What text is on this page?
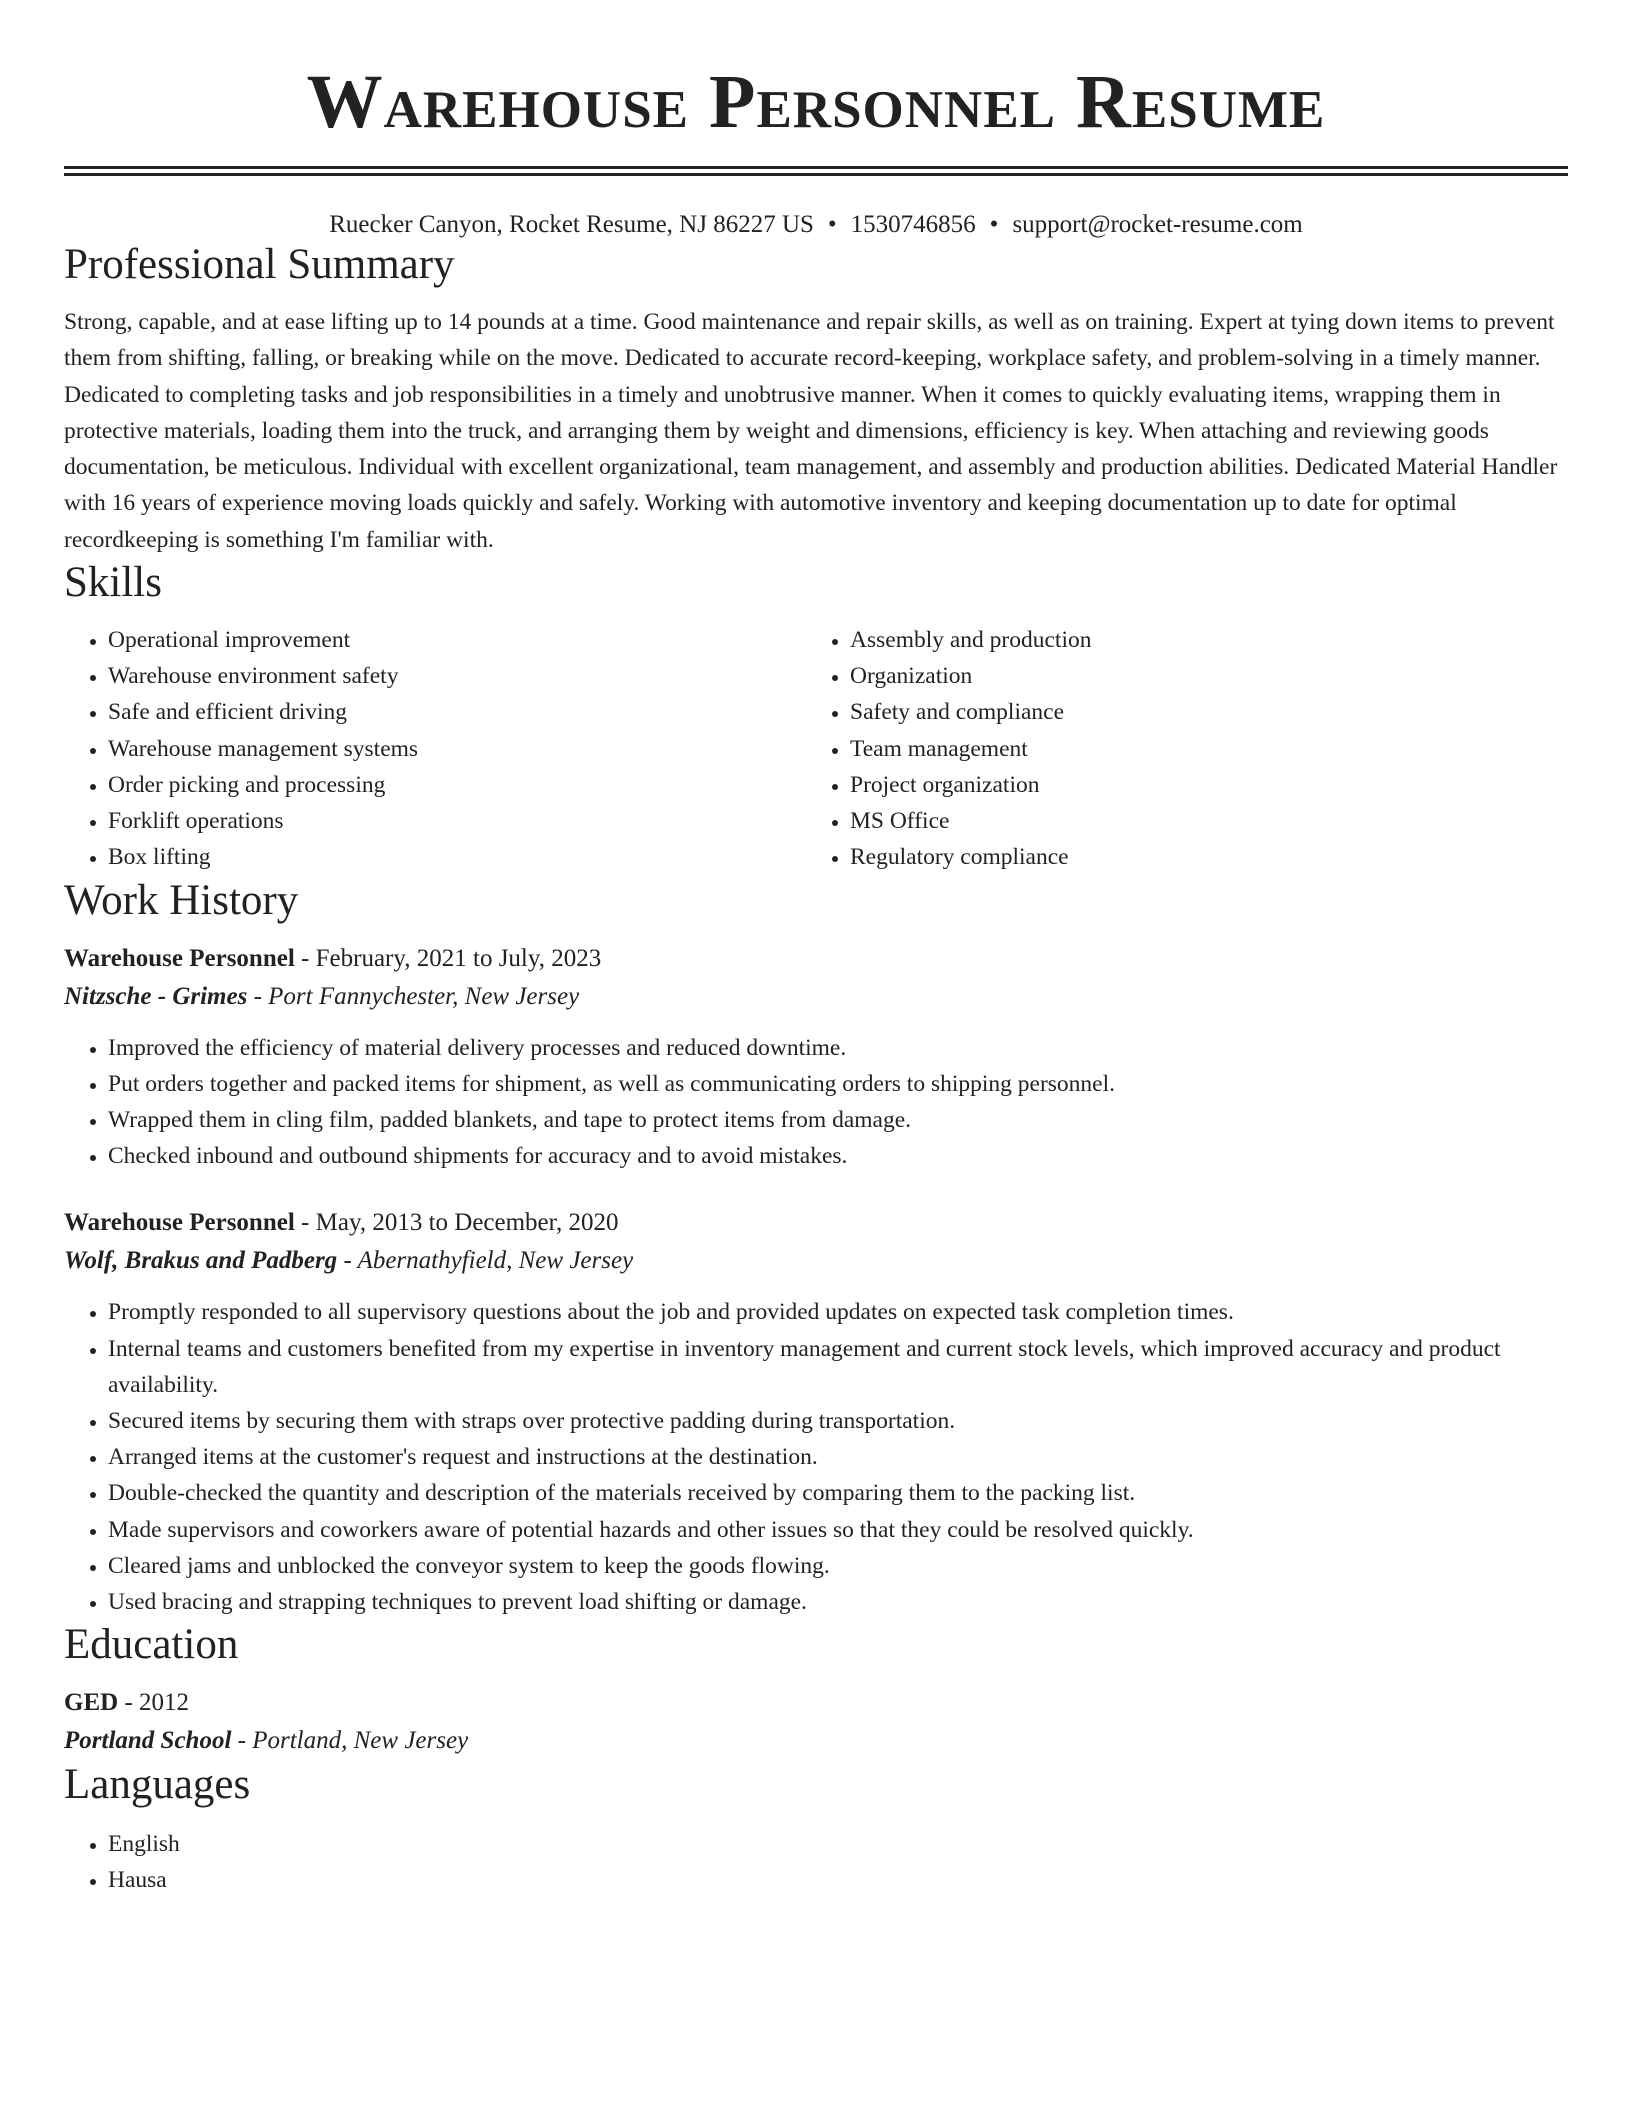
Warehouse Personnel Resume
Ruecker Canyon, Rocket Resume, NJ 86227 US • 1530746856 • support@rocket-resume.com
Professional Summary

Strong, capable, and at ease lifting up to 14 pounds at a time. Good maintenance and repair skills, as well as on training. Expert at tying down items to prevent them from shifting, falling, or breaking while on the move. Dedicated to accurate record-keeping, workplace safety, and problem-solving in a timely manner. Dedicated to completing tasks and job responsibilities in a timely and unobtrusive manner. When it comes to quickly evaluating items, wrapping them in protective materials, loading them into the truck, and arranging them by weight and dimensions, efficiency is key. When attaching and reviewing goods documentation, be meticulous. Individual with excellent organizational, team management, and assembly and production abilities. Dedicated Material Handler with 16 years of experience moving loads quickly and safely. Working with automotive inventory and keeping documentation up to date for optimal recordkeeping is something I'm familiar with.

Skills
• Operational improvement
• Warehouse environment safety
• Safe and efficient driving
• Warehouse management systems
• Order picking and processing
• Forklift operations
• Box lifting
• Assembly and production
• Organization
• Safety and compliance
• Team management
• Project organization
• MS Office
• Regulatory compliance
Work History
Warehouse Personnel - February, 2021 to July, 2023
Nitzsche - Grimes - Port Fannychester, New Jersey
• Improved the efficiency of material delivery processes and reduced downtime.
• Put orders together and packed items for shipment, as well as communicating orders to shipping personnel.
• Wrapped them in cling film, padded blankets, and tape to protect items from damage.
• Checked inbound and outbound shipments for accuracy and to avoid mistakes.
Warehouse Personnel - May, 2013 to December, 2020
Wolf, Brakus and Padberg - Abernathyfield, New Jersey
• Promptly responded to all supervisory questions about the job and provided updates on expected task completion times.
• Internal teams and customers benefited from my expertise in inventory management and current stock levels, which improved accuracy and product availability.
• Secured items by securing them with straps over protective padding during transportation.
• Arranged items at the customer's request and instructions at the destination.
• Double-checked the quantity and description of the materials received by comparing them to the packing list.
• Made supervisors and coworkers aware of potential hazards and other issues so that they could be resolved quickly.
• Cleared jams and unblocked the conveyor system to keep the goods flowing.
• Used bracing and strapping techniques to prevent load shifting or damage.
Education
GED - 2012
Portland School - Portland, New Jersey
Languages
• English
• Hausa
